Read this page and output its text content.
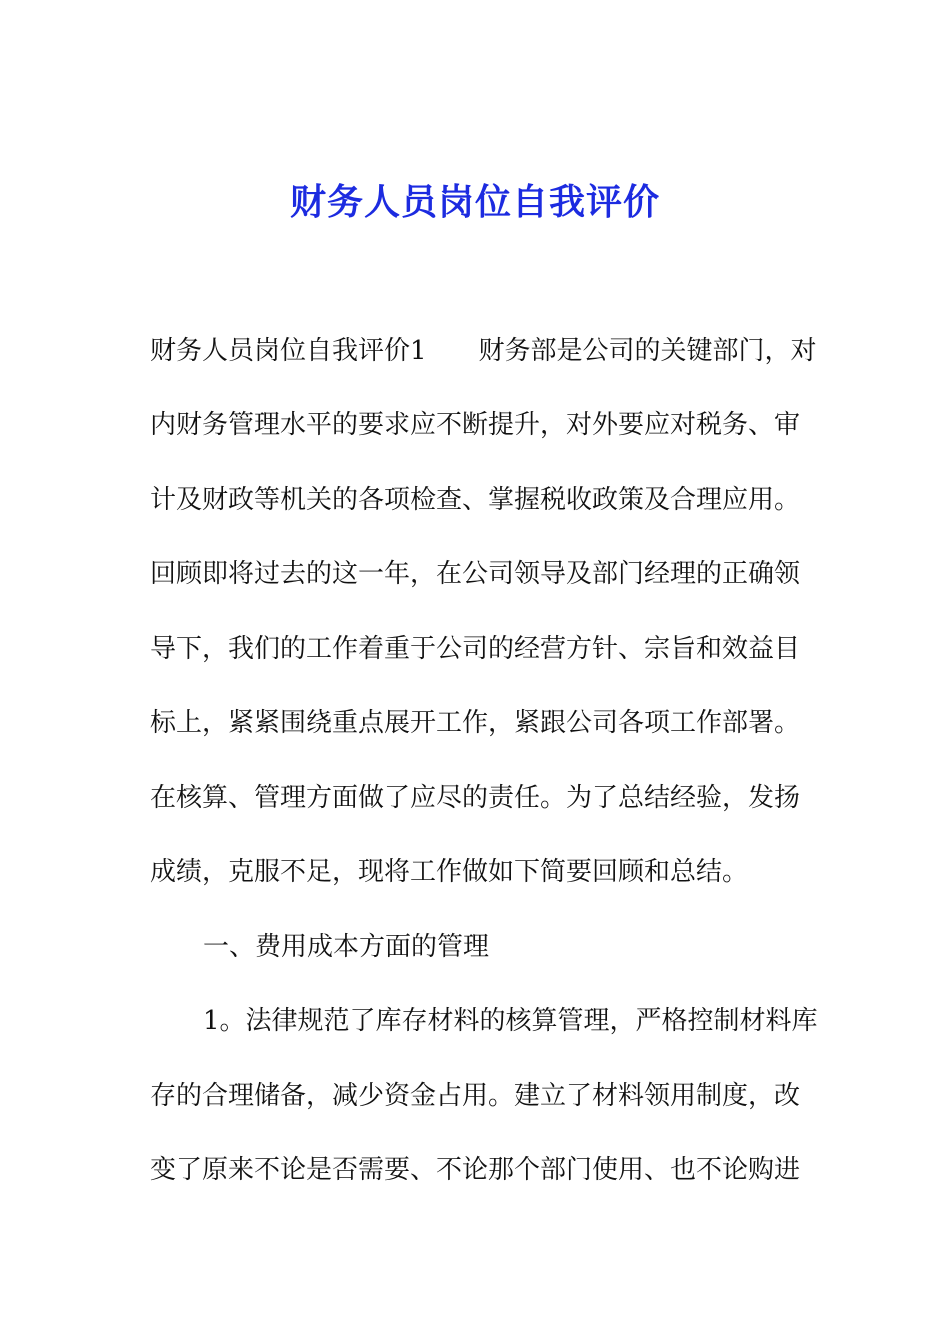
财务人员岗位自我评价
财务人员岗位自我评价1 财务部是公司的关键部门，对
内财务管理水平的要求应不断提升，对外要应对税务、审
计及财政等机关的各项检查、掌握税收政策及合理应用。
回顾即将过去的这一年，在公司领导及部门经理的正确领
导下，我们的工作着重于公司的经营方针、宗旨和效益目
标上，紧紧围绕重点展开工作，紧跟公司各项工作部署。
在核算、管理方面做了应尽的责任。为了总结经验，发扬
成绩，克服不足，现将工作做如下简要回顾和总结。
一、费用成本方面的管理
1。法律规范了库存材料的核算管理，严格控制材料库
存的合理储备，减少资金占用。建立了材料领用制度，改
变了原来不论是否需要、不论那个部门使用、也不论购进
